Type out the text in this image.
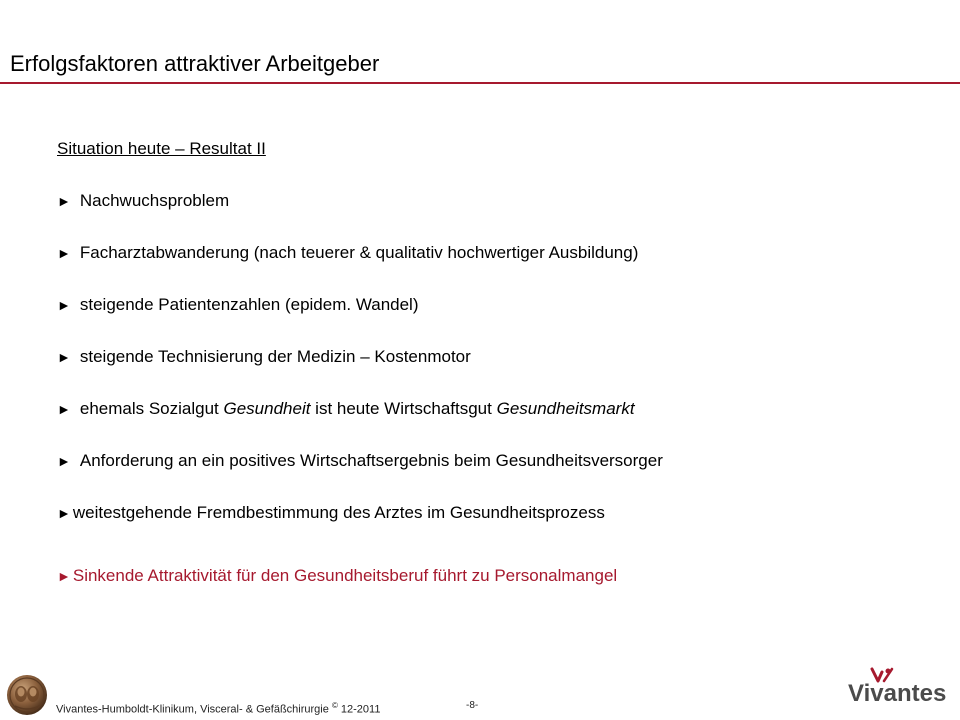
Erfolgsfaktoren attraktiver Arbeitgeber
Situation heute – Resultat II
► Nachwuchsproblem
► Facharztabwanderung (nach teuerer & qualitativ hochwertiger Ausbildung)
► steigende Patientenzahlen (epidem. Wandel)
► steigende Technisierung der Medizin – Kostenmotor
► ehemals Sozialgut Gesundheit ist heute Wirtschaftsgut Gesundheitsmarkt
► Anforderung an ein positives Wirtschaftsergebnis beim Gesundheitsversorger
► weitestgehende Fremdbestimmung des Arztes im Gesundheitsprozess
► Sinkende Attraktivität für den Gesundheitsberuf führt zu Personalmangel
Vivantes-Humboldt-Klinikum, Visceral- & Gefäßchirurgie © 12-2011	-8-	Vivantes
